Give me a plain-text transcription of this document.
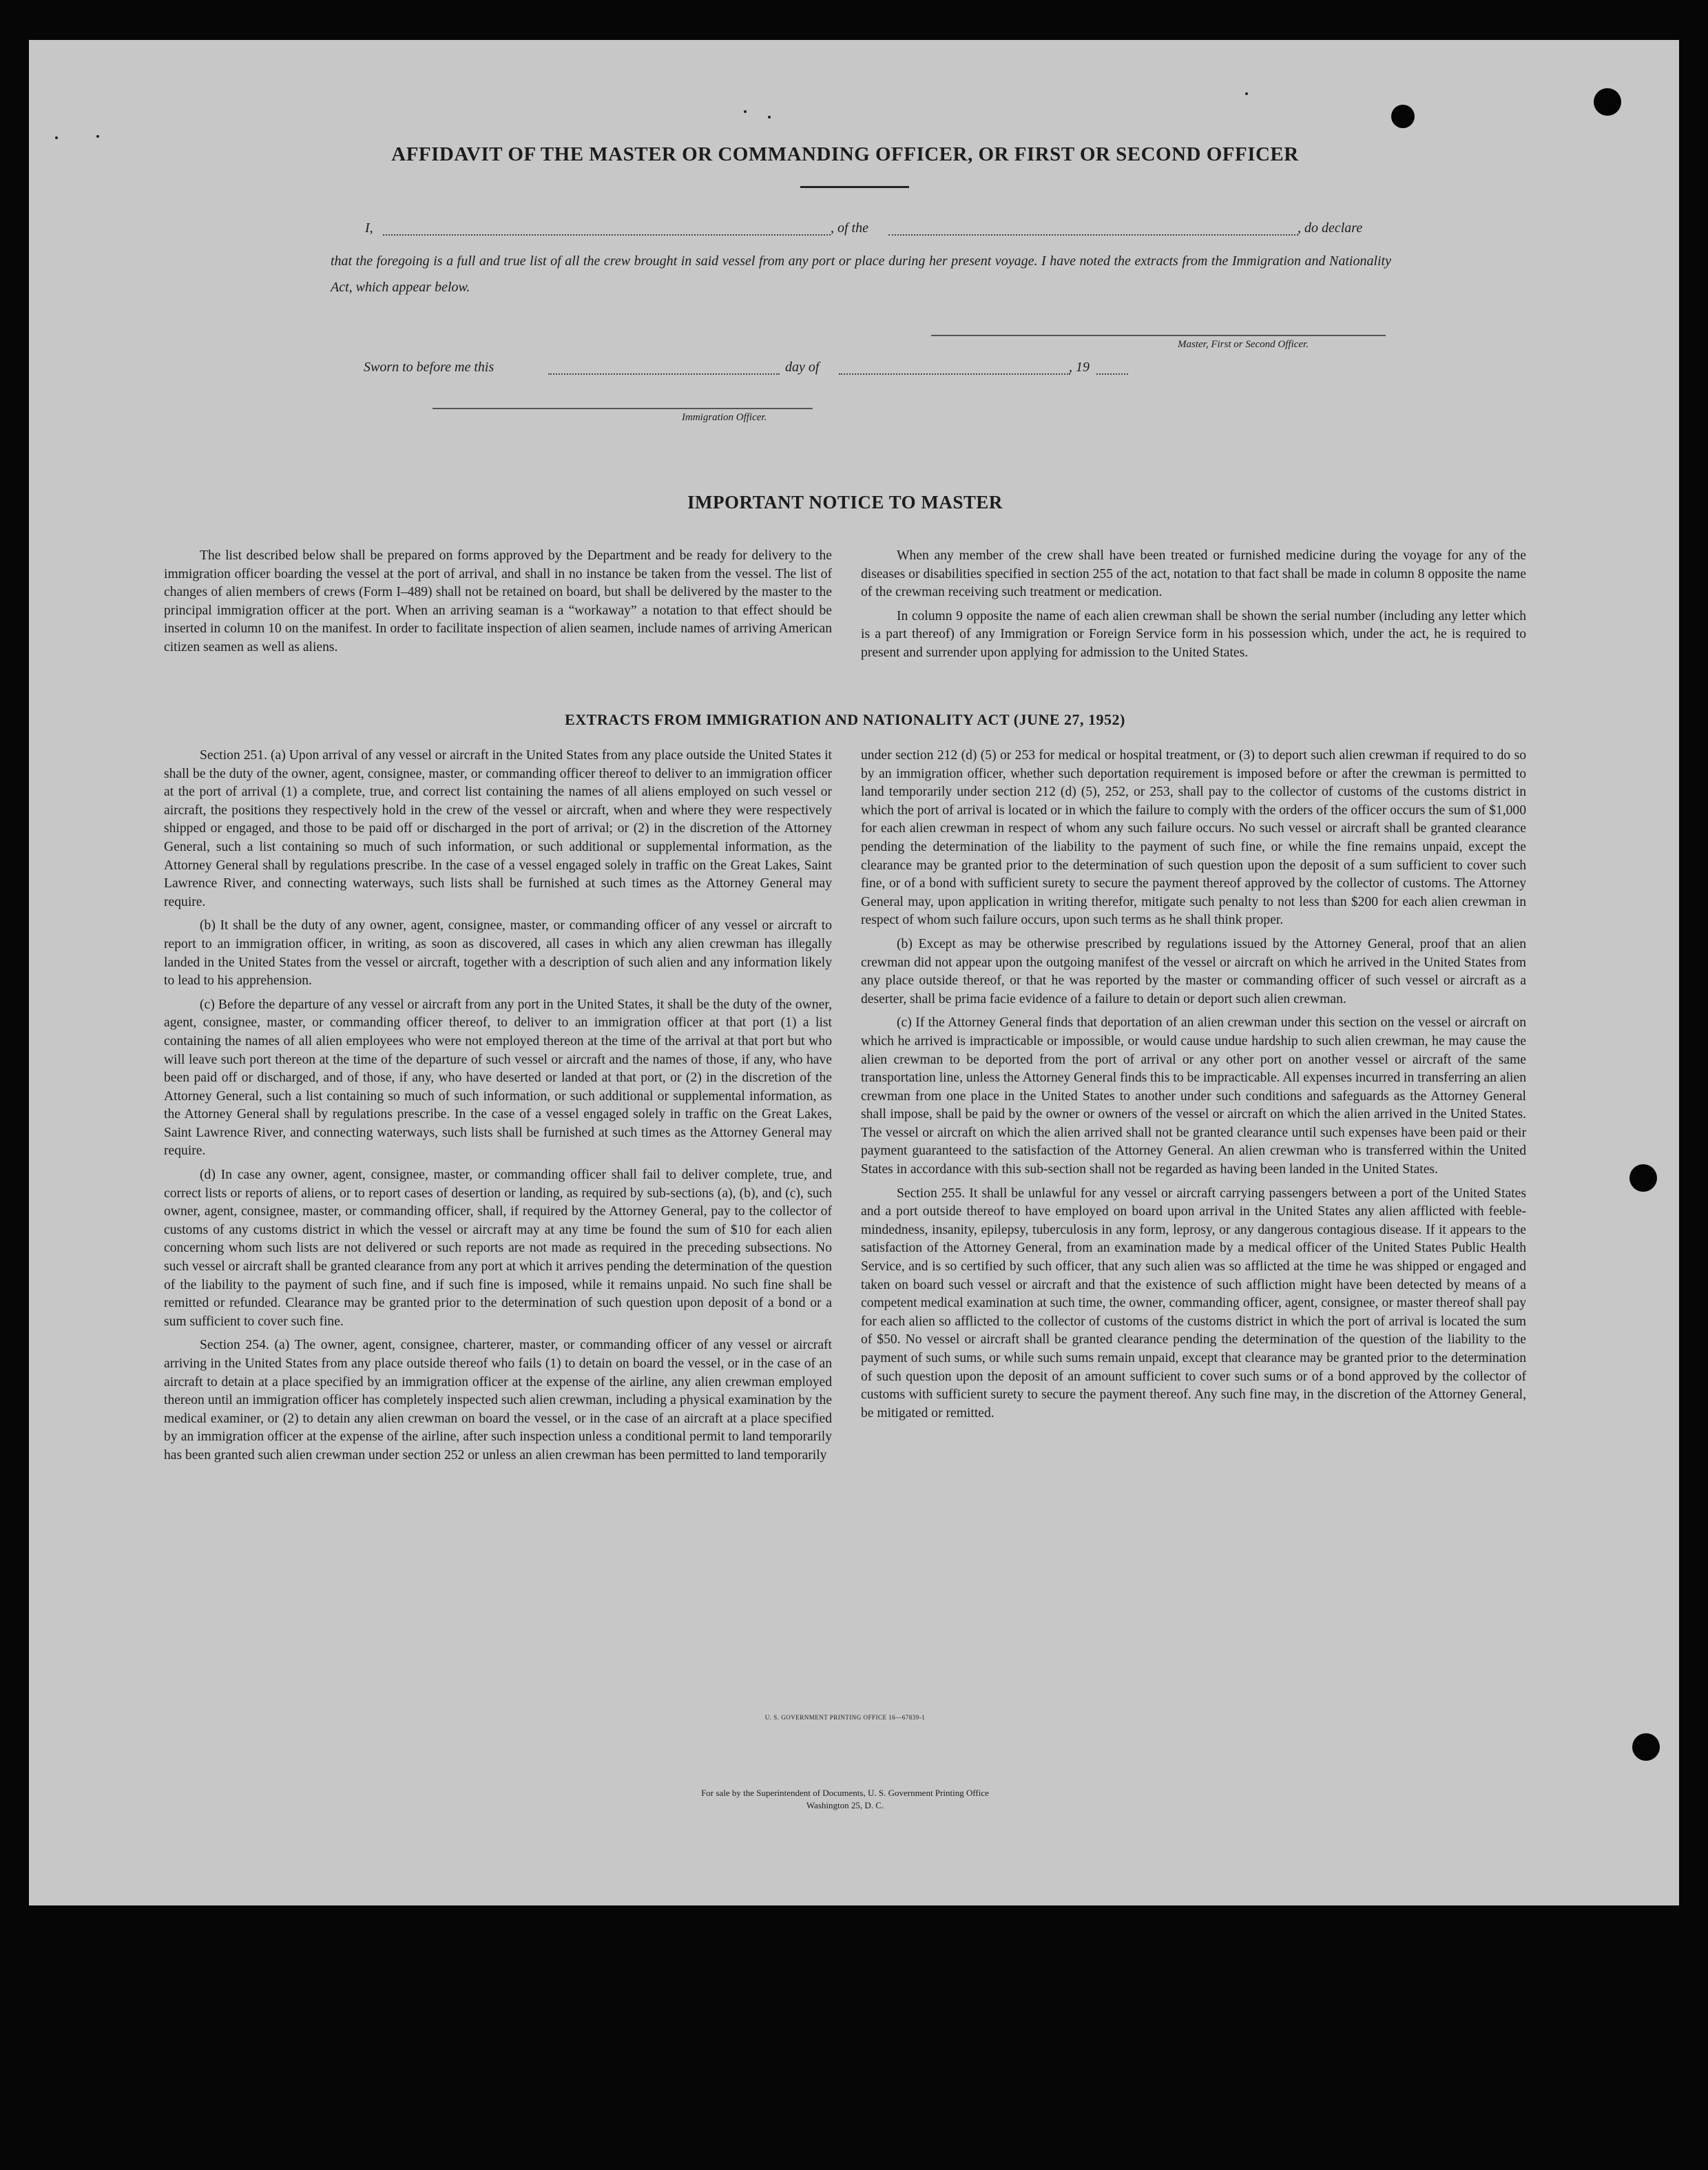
AFFIDAVIT OF THE MASTER OR COMMANDING OFFICER, OR FIRST OR SECOND OFFICER
I,	, of the	, do declare
that the foregoing is a full and true list of all the crew brought in said vessel from any port or place during her present voyage. I have noted the extracts from the Immigration and Nationality Act, which appear below.
Master, First or Second Officer.
Sworn to before me this	day of	, 19
Immigration Officer.
IMPORTANT NOTICE TO MASTER

The list described below shall be prepared on forms approved by the Department and be ready for delivery to the immigration officer boarding the vessel at the port of arrival, and shall in no instance be taken from the vessel. The list of changes of alien members of crews (Form I–489) shall not be retained on board, but shall be delivered by the master to the principal immigration officer at the port. When an arriving seaman is a “workaway” a notation to that effect should be inserted in column 10 on the manifest. In order to facilitate inspection of alien seamen, include names of arriving American citizen seamen as well as aliens.

When any member of the crew shall have been treated or furnished medicine during the voyage for any of the diseases or disabilities specified in section 255 of the act, notation to that fact shall be made in column 8 opposite the name of the crewman receiving such treatment or medication.

In column 9 opposite the name of each alien crewman shall be shown the serial number (including any letter which is a part thereof) of any Immigration or Foreign Service form in his possession which, under the act, he is required to present and surrender upon applying for admission to the United States.

EXTRACTS FROM IMMIGRATION AND NATIONALITY ACT (JUNE 27, 1952)

Section 251. (a) Upon arrival of any vessel or aircraft in the United States from any place outside the United States it shall be the duty of the owner, agent, consignee, master, or commanding officer thereof to deliver to an immigration officer at the port of arrival (1) a complete, true, and correct list containing the names of all aliens employed on such vessel or aircraft, the positions they respectively hold in the crew of the vessel or aircraft, when and where they were respectively shipped or engaged, and those to be paid off or discharged in the port of arrival; or (2) in the discretion of the Attorney General, such a list containing so much of such information, or such additional or supplemental information, as the Attorney General shall by regulations prescribe. In the case of a vessel engaged solely in traffic on the Great Lakes, Saint Lawrence River, and connecting waterways, such lists shall be furnished at such times as the Attorney General may require.

(b) It shall be the duty of any owner, agent, consignee, master, or commanding officer of any vessel or aircraft to report to an immigration officer, in writing, as soon as discovered, all cases in which any alien crewman has illegally landed in the United States from the vessel or aircraft, together with a description of such alien and any information likely to lead to his apprehension.

(c) Before the departure of any vessel or aircraft from any port in the United States, it shall be the duty of the owner, agent, consignee, master, or commanding officer thereof, to deliver to an immigration officer at that port (1) a list containing the names of all alien employees who were not employed thereon at the time of the arrival at that port but who will leave such port thereon at the time of the departure of such vessel or aircraft and the names of those, if any, who have been paid off or discharged, and of those, if any, who have deserted or landed at that port, or (2) in the discretion of the Attorney General, such a list containing so much of such information, or such additional or supplemental information, as the Attorney General shall by regulations prescribe. In the case of a vessel engaged solely in traffic on the Great Lakes, Saint Lawrence River, and connecting waterways, such lists shall be furnished at such times as the Attorney General may require.

(d) In case any owner, agent, consignee, master, or commanding officer shall fail to deliver complete, true, and correct lists or reports of aliens, or to report cases of desertion or landing, as required by sub-sections (a), (b), and (c), such owner, agent, consignee, master, or commanding officer, shall, if required by the Attorney General, pay to the collector of customs of any customs district in which the vessel or aircraft may at any time be found the sum of $10 for each alien concerning whom such lists are not delivered or such reports are not made as required in the preceding subsections. No such vessel or aircraft shall be granted clearance from any port at which it arrives pending the determination of the question of the liability to the payment of such fine, and if such fine is imposed, while it remains unpaid. No such fine shall be remitted or refunded. Clearance may be granted prior to the determination of such question upon deposit of a bond or a sum sufficient to cover such fine.

Section 254. (a) The owner, agent, consignee, charterer, master, or commanding officer of any vessel or aircraft arriving in the United States from any place outside thereof who fails (1) to detain on board the vessel, or in the case of an aircraft to detain at a place specified by an immigration officer at the expense of the airline, any alien crewman employed thereon until an immigration officer has completely inspected such alien crewman, including a physical examination by the medical examiner, or (2) to detain any alien crewman on board the vessel, or in the case of an aircraft at a place specified by an immigration officer at the expense of the airline, after such inspection unless a conditional permit to land temporarily has been granted such alien crewman under section 252 or unless an alien crewman has been permitted to land temporarily

under section 212 (d) (5) or 253 for medical or hospital treatment, or (3) to deport such alien crewman if required to do so by an immigration officer, whether such deportation requirement is imposed before or after the crewman is permitted to land temporarily under section 212 (d) (5), 252, or 253, shall pay to the collector of customs of the customs district in which the port of arrival is located or in which the failure to comply with the orders of the officer occurs the sum of $1,000 for each alien crewman in respect of whom any such failure occurs. No such vessel or aircraft shall be granted clearance pending the determination of the liability to the payment of such fine, or while the fine remains unpaid, except the clearance may be granted prior to the determination of such question upon the deposit of a sum sufficient to cover such fine, or of a bond with sufficient surety to secure the payment thereof approved by the collector of customs. The Attorney General may, upon application in writing therefor, mitigate such penalty to not less than $200 for each alien crewman in respect of whom such failure occurs, upon such terms as he shall think proper.

(b) Except as may be otherwise prescribed by regulations issued by the Attorney General, proof that an alien crewman did not appear upon the outgoing manifest of the vessel or aircraft on which he arrived in the United States from any place outside thereof, or that he was reported by the master or commanding officer of such vessel or aircraft as a deserter, shall be prima facie evidence of a failure to detain or deport such alien crewman.

(c) If the Attorney General finds that deportation of an alien crewman under this section on the vessel or aircraft on which he arrived is impracticable or impossible, or would cause undue hardship to such alien crewman, he may cause the alien crewman to be deported from the port of arrival or any other port on another vessel or aircraft of the same transportation line, unless the Attorney General finds this to be impracticable. All expenses incurred in transferring an alien crewman from one place in the United States to another under such conditions and safeguards as the Attorney General shall impose, shall be paid by the owner or owners of the vessel or aircraft on which the alien arrived in the United States. The vessel or aircraft on which the alien arrived shall not be granted clearance until such expenses have been paid or their payment guaranteed to the satisfaction of the Attorney General. An alien crewman who is transferred within the United States in accordance with this sub-section shall not be regarded as having been landed in the United States.

Section 255. It shall be unlawful for any vessel or aircraft carrying passengers between a port of the United States and a port outside thereof to have employed on board upon arrival in the United States any alien afflicted with feeble-mindedness, insanity, epilepsy, tuberculosis in any form, leprosy, or any dangerous contagious disease. If it appears to the satisfaction of the Attorney General, from an examination made by a medical officer of the United States Public Health Service, and is so certified by such officer, that any such alien was so afflicted at the time he was shipped or engaged and taken on board such vessel or aircraft and that the existence of such affliction might have been detected by means of a competent medical examination at such time, the owner, commanding officer, agent, consignee, or master thereof shall pay for each alien so afflicted to the collector of customs of the customs district in which the port of arrival is located the sum of $50. No vessel or aircraft shall be granted clearance pending the determination of the question of the liability to the payment of such sums, or while such sums remain unpaid, except that clearance may be granted prior to the determination of such question upon the deposit of an amount sufficient to cover such sums or of a bond approved by the collector of customs with sufficient surety to secure the payment thereof. Any such fine may, in the discretion of the Attorney General, be mitigated or remitted.

U. S. GOVERNMENT PRINTING OFFICE 16—67839-1
For sale by the Superintendent of Documents, U. S. Government Printing Office
Washington 25, D. C.
